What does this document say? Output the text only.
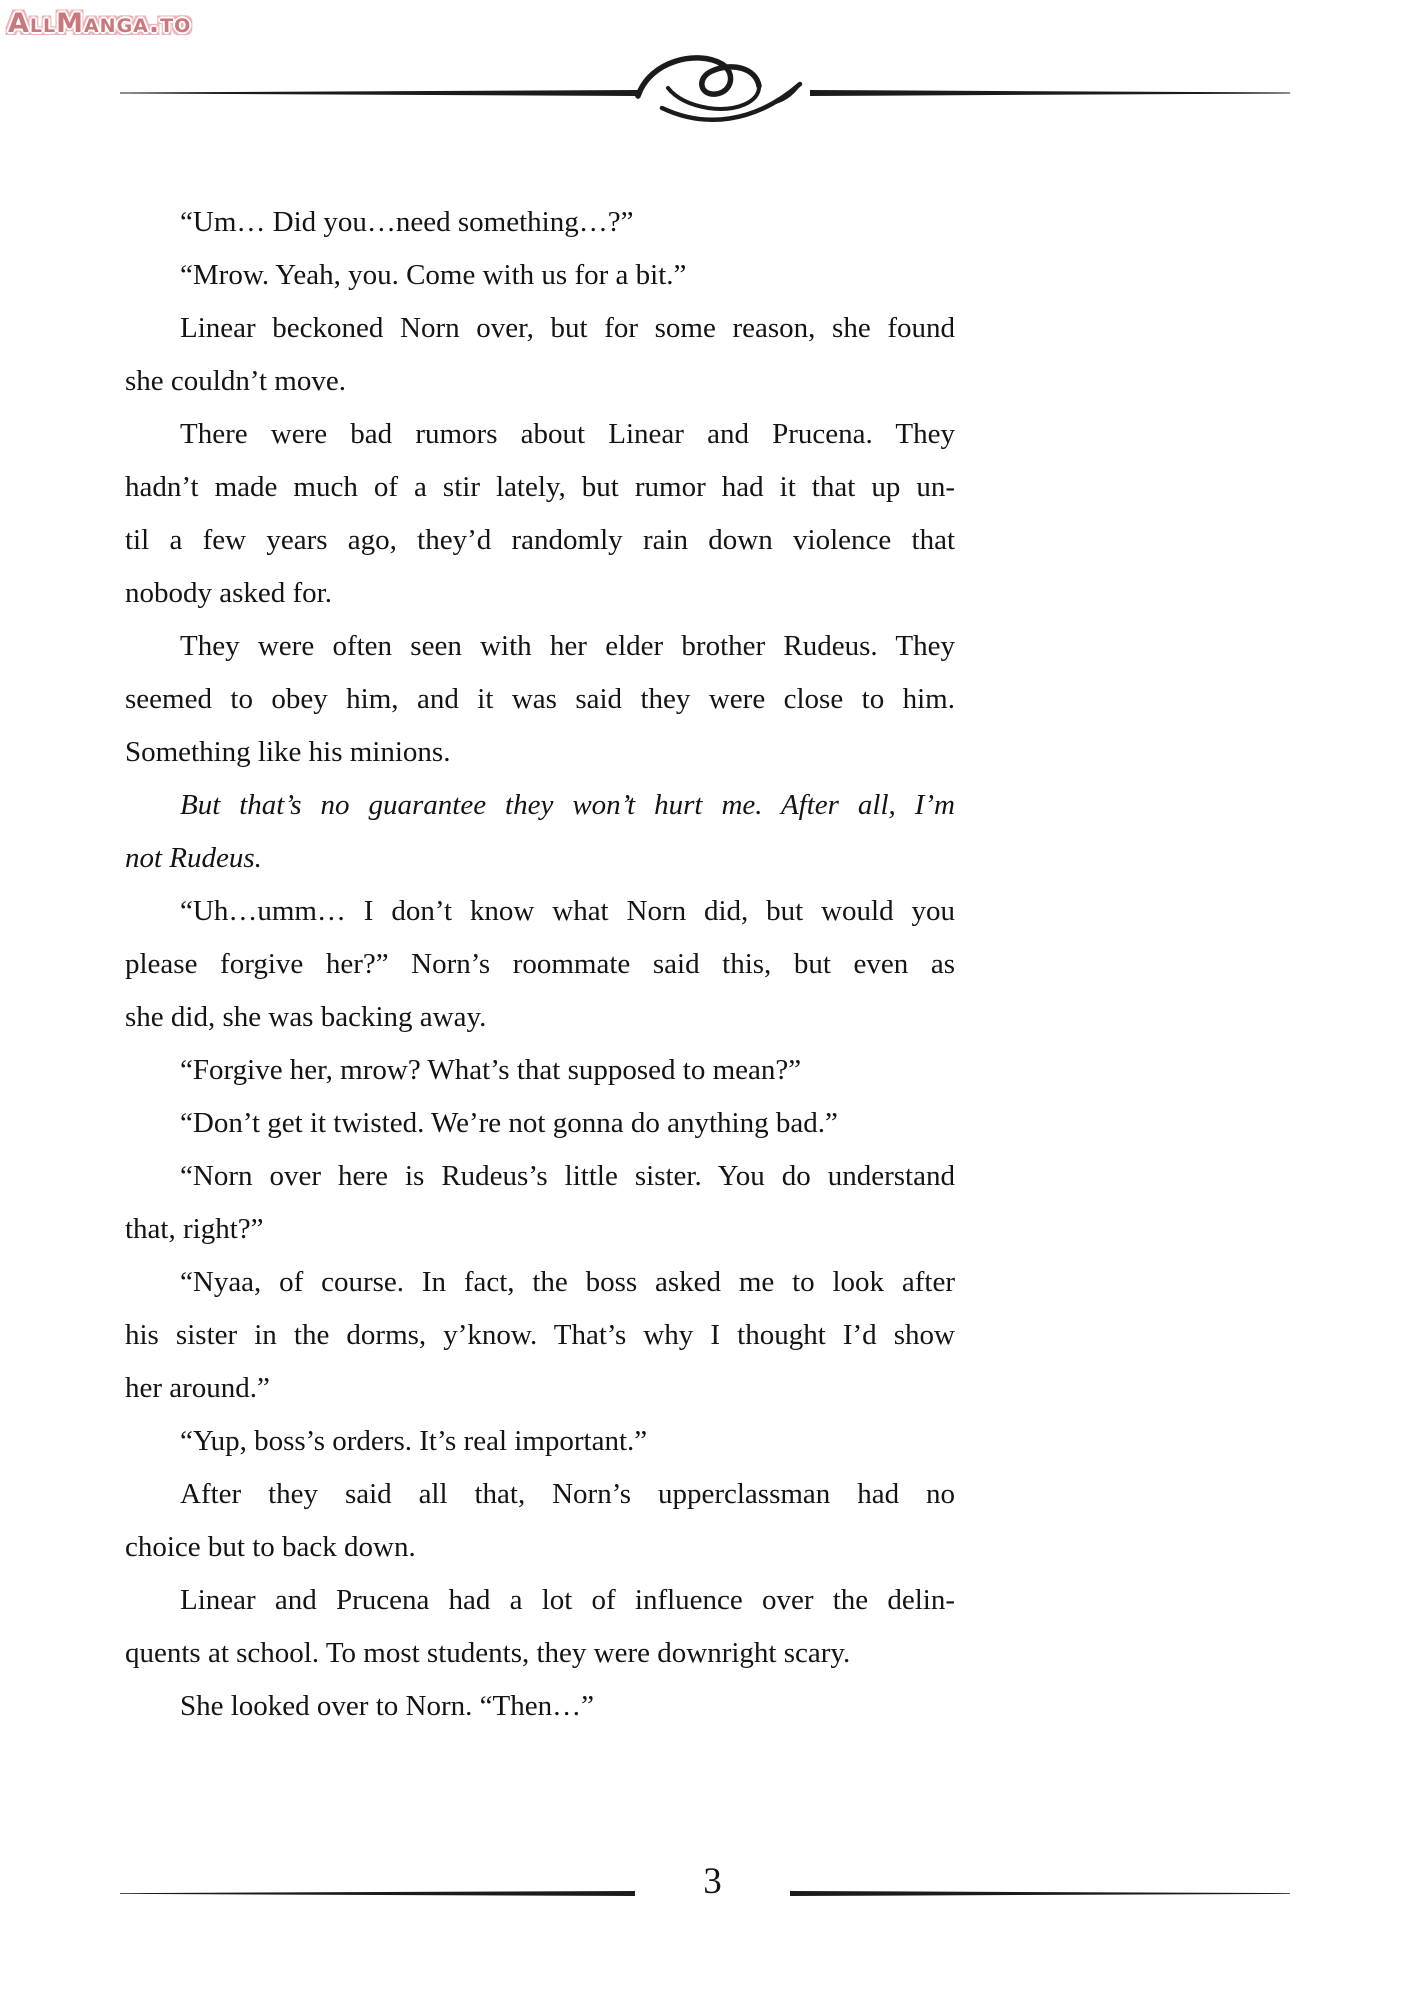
AllManga.to
“Um… Did you…need something…?”
“Mrow. Yeah, you. Come with us for a bit.”
Linear beckoned Norn over, but for some reason, she found
she couldn’t move.
There were bad rumors about Linear and Prucena. They
hadn’t made much of a stir lately, but rumor had it that up un-
til a few years ago, they’d randomly rain down violence that
nobody asked for.
They were often seen with her elder brother Rudeus. They
seemed to obey him, and it was said they were close to him.
Something like his minions.
But that’s no guarantee they won’t hurt me. After all, I’m
not Rudeus.
“Uh…umm… I don’t know what Norn did, but would you
please forgive her?” Norn’s roommate said this, but even as
she did, she was backing away.
“Forgive her, mrow? What’s that supposed to mean?”
“Don’t get it twisted. We’re not gonna do anything bad.”
“Norn over here is Rudeus’s little sister. You do understand
that, right?”
“Nyaa, of course. In fact, the boss asked me to look after
his sister in the dorms, y’know. That’s why I thought I’d show
her around.”
“Yup, boss’s orders. It’s real important.”
After they said all that, Norn’s upperclassman had no
choice but to back down.
Linear and Prucena had a lot of influence over the delin-
quents at school. To most students, they were downright scary.
She looked over to Norn. “Then…”
3
